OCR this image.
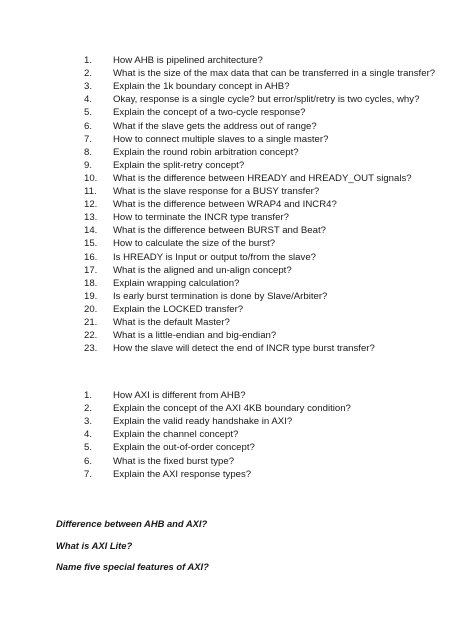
1. How AHB is pipelined architecture?
2. What is the size of the max data that can be transferred in a single transfer?
3. Explain the 1k boundary concept in AHB?
4. Okay, response is a single cycle? but error/split/retry is two cycles, why?
5. Explain the concept of a two-cycle response?
6. What if the slave gets the address out of range?
7. How to connect multiple slaves to a single master?
8. Explain the round robin arbitration concept?
9. Explain the split-retry concept?
10. What is the difference between HREADY and HREADY_OUT signals?
11. What is the slave response for a BUSY transfer?
12. What is the difference between WRAP4 and INCR4?
13. How to terminate the INCR type transfer?
14. What is the difference between BURST and Beat?
15. How to calculate the size of the burst?
16. Is HREADY is Input or output to/from the slave?
17. What is the aligned and un-align concept?
18. Explain wrapping calculation?
19. Is early burst termination is done by Slave/Arbiter?
20. Explain the LOCKED transfer?
21. What is the default Master?
22. What is a little-endian and big-endian?
23. How the slave will detect the end of INCR type burst transfer?
1. How AXI is different from AHB?
2. Explain the concept of the AXI 4KB boundary condition?
3. Explain the valid ready handshake in AXI?
4. Explain the channel concept?
5. Explain the out-of-order concept?
6. What is the fixed burst type?
7. Explain the AXI response types?
Difference between AHB and AXI?
What is AXI Lite?
Name five special features of AXI?
